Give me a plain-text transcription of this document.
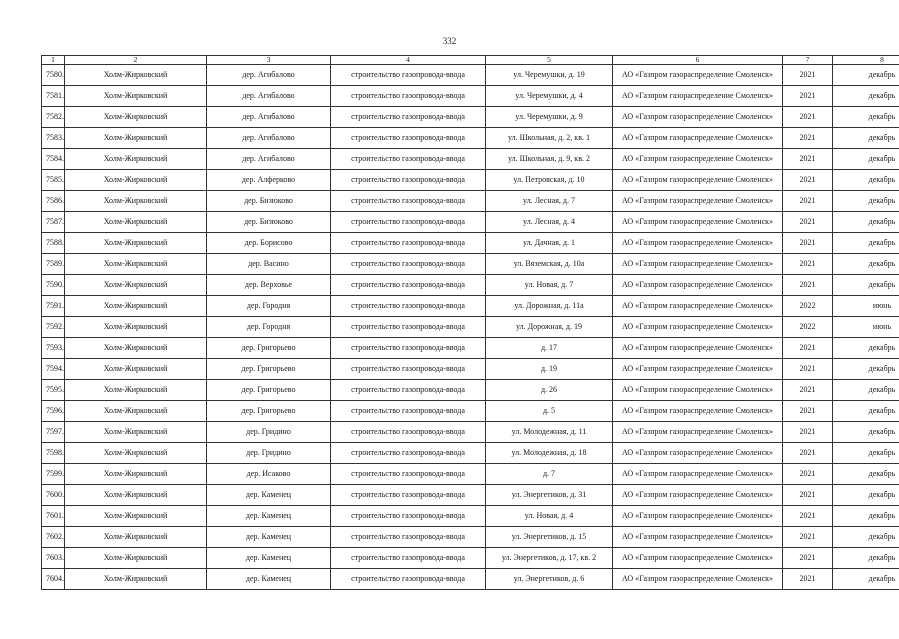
332
1	2	3	4	5	6	7	8
7580.	Холм-Жирковский	дер. Агибалово	строительство газопровода-ввода	ул. Черемушки, д. 19	АО «Газпром газораспределение Смоленск»	2021	декабрь
7581.	Холм-Жирковский	дер. Агибалово	строительство газопровода-ввода	ул. Черемушки, д. 4	АО «Газпром газораспределение Смоленск»	2021	декабрь
7582.	Холм-Жирковский	дер. Агибалово	строительство газопровода-ввода	ул. Черемушки, д. 9	АО «Газпром газораспределение Смоленск»	2021	декабрь
7583.	Холм-Жирковский	дер. Агибалово	строительство газопровода-ввода	ул. Школьная, д. 2, кв. 1	АО «Газпром газораспределение Смоленск»	2021	декабрь
7584.	Холм-Жирковский	дер. Агибалово	строительство газопровода-ввода	ул. Школьная, д. 9, кв. 2	АО «Газпром газораспределение Смоленск»	2021	декабрь
7585.	Холм-Жирковский	дер. Алферково	строительство газопровода-ввода	ул. Петровская, д. 10	АО «Газпром газораспределение Смоленск»	2021	декабрь
7586.	Холм-Жирковский	дер. Бизюково	строительство газопровода-ввода	ул. Лесная, д. 7	АО «Газпром газораспределение Смоленск»	2021	декабрь
7587.	Холм-Жирковский	дер. Бизюково	строительство газопровода-ввода	ул. Лесная, д. 4	АО «Газпром газораспределение Смоленск»	2021	декабрь
7588.	Холм-Жирковский	дер. Борисово	строительство газопровода-ввода	ул. Дачная, д. 1	АО «Газпром газораспределение Смоленск»	2021	декабрь
7589.	Холм-Жирковский	дер. Васино	строительство газопровода-ввода	ул. Вяземская, д. 10а	АО «Газпром газораспределение Смоленск»	2021	декабрь
7590.	Холм-Жирковский	дер. Верховье	строительство газопровода-ввода	ул. Новая, д. 7	АО «Газпром газораспределение Смоленск»	2021	декабрь
7591.	Холм-Жирковский	дер. Городня	строительство газопровода-ввода	ул. Дорожная, д. 11а	АО «Газпром газораспределение Смоленск»	2022	июнь
7592.	Холм-Жирковский	дер. Городня	строительство газопровода-ввода	ул. Дорожная, д. 19	АО «Газпром газораспределение Смоленск»	2022	июнь
7593.	Холм-Жирковский	дер. Григорьево	строительство газопровода-ввода	д. 17	АО «Газпром газораспределение Смоленск»	2021	декабрь
7594.	Холм-Жирковский	дер. Григорьево	строительство газопровода-ввода	д. 19	АО «Газпром газораспределение Смоленск»	2021	декабрь
7595.	Холм-Жирковский	дер. Григорьево	строительство газопровода-ввода	д. 26	АО «Газпром газораспределение Смоленск»	2021	декабрь
7596.	Холм-Жирковский	дер. Григорьево	строительство газопровода-ввода	д. 5	АО «Газпром газораспределение Смоленск»	2021	декабрь
7597.	Холм-Жирковский	дер. Гридино	строительство газопровода-ввода	ул. Молодежная, д. 11	АО «Газпром газораспределение Смоленск»	2021	декабрь
7598.	Холм-Жирковский	дер. Гридино	строительство газопровода-ввода	ул. Молодежная, д. 18	АО «Газпром газораспределение Смоленск»	2021	декабрь
7599.	Холм-Жирковский	дер. Исаково	строительство газопровода-ввода	д. 7	АО «Газпром газораспределение Смоленск»	2021	декабрь
7600.	Холм-Жирковский	дер. Каменец	строительство газопровода-ввода	ул. Энергетиков, д. 31	АО «Газпром газораспределение Смоленск»	2021	декабрь
7601.	Холм-Жирковский	дер. Каменец	строительство газопровода-ввода	ул. Новая, д. 4	АО «Газпром газораспределение Смоленск»	2021	декабрь
7602.	Холм-Жирковский	дер. Каменец	строительство газопровода-ввода	ул. Энергетиков, д. 15	АО «Газпром газораспределение Смоленск»	2021	декабрь
7603.	Холм-Жирковский	дер. Каменец	строительство газопровода-ввода	ул. Энергетиков, д. 17, кв. 2	АО «Газпром газораспределение Смоленск»	2021	декабрь
7604.	Холм-Жирковский	дер. Каменец	строительство газопровода-ввода	ул. Энергетиков, д. 6	АО «Газпром газораспределение Смоленск»	2021	декабрь
